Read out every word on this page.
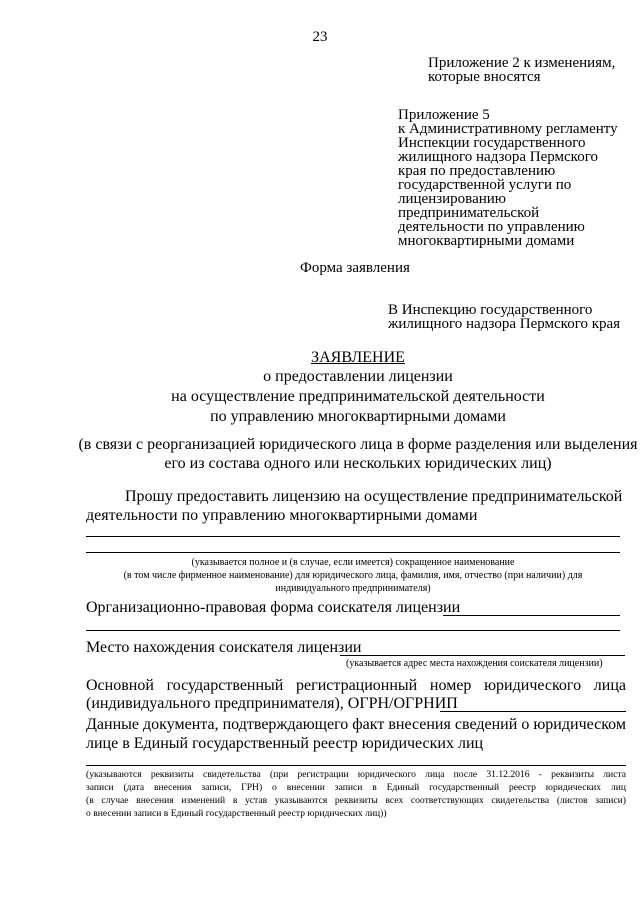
23
Приложение 2 к изменениям,
которые вносятся
Приложение 5
к Административному регламенту
Инспекции государственного
жилищного надзора Пермского
края по предоставлению
государственной услуги по
лицензированию
предпринимательской
деятельности по управлению
многоквартирными домами
Форма заявления
В Инспекцию государственного
жилищного надзора Пермского края
ЗАЯВЛЕНИЕ
о предоставлении лицензии
на осуществление предпринимательской деятельности
по управлению многоквартирными домами
(в связи с реорганизацией юридического лица в форме разделения или выделения
его из состава одного или нескольких юридических лиц)
Прошу предоставить лицензию на осуществление предпринимательской
деятельности по управлению многоквартирными домами
(указывается полное и (в случае, если имеется) сокращенное наименование
(в том числе фирменное наименование) для юридического лица, фамилия, имя, отчество (при наличии) для
индивидуального предпринимателя)
Организационно-правовая форма соискателя лицензии
Место нахождения соискателя лицензии
(указывается адрес места нахождения соискателя лицензии)
Основной государственный регистрационный номер юридического лица
(индивидуального предпринимателя), ОГРН/ОГРНИП
Данные документа, подтверждающего факт внесения сведений о юридическом
лице в Единый государственный реестр юридических лиц
(указываются реквизиты свидетельства (при регистрации юридического лица после 31.12.2016 - реквизиты листа
записи (дата внесения записи, ГРН) о внесении записи в Единый государственный реестр юридических лиц
(в случае внесения изменений в устав указываются реквизиты всех соответствующих свидетельства (листов записи)
о внесении записи в Единый государственный реестр юридических лиц))
